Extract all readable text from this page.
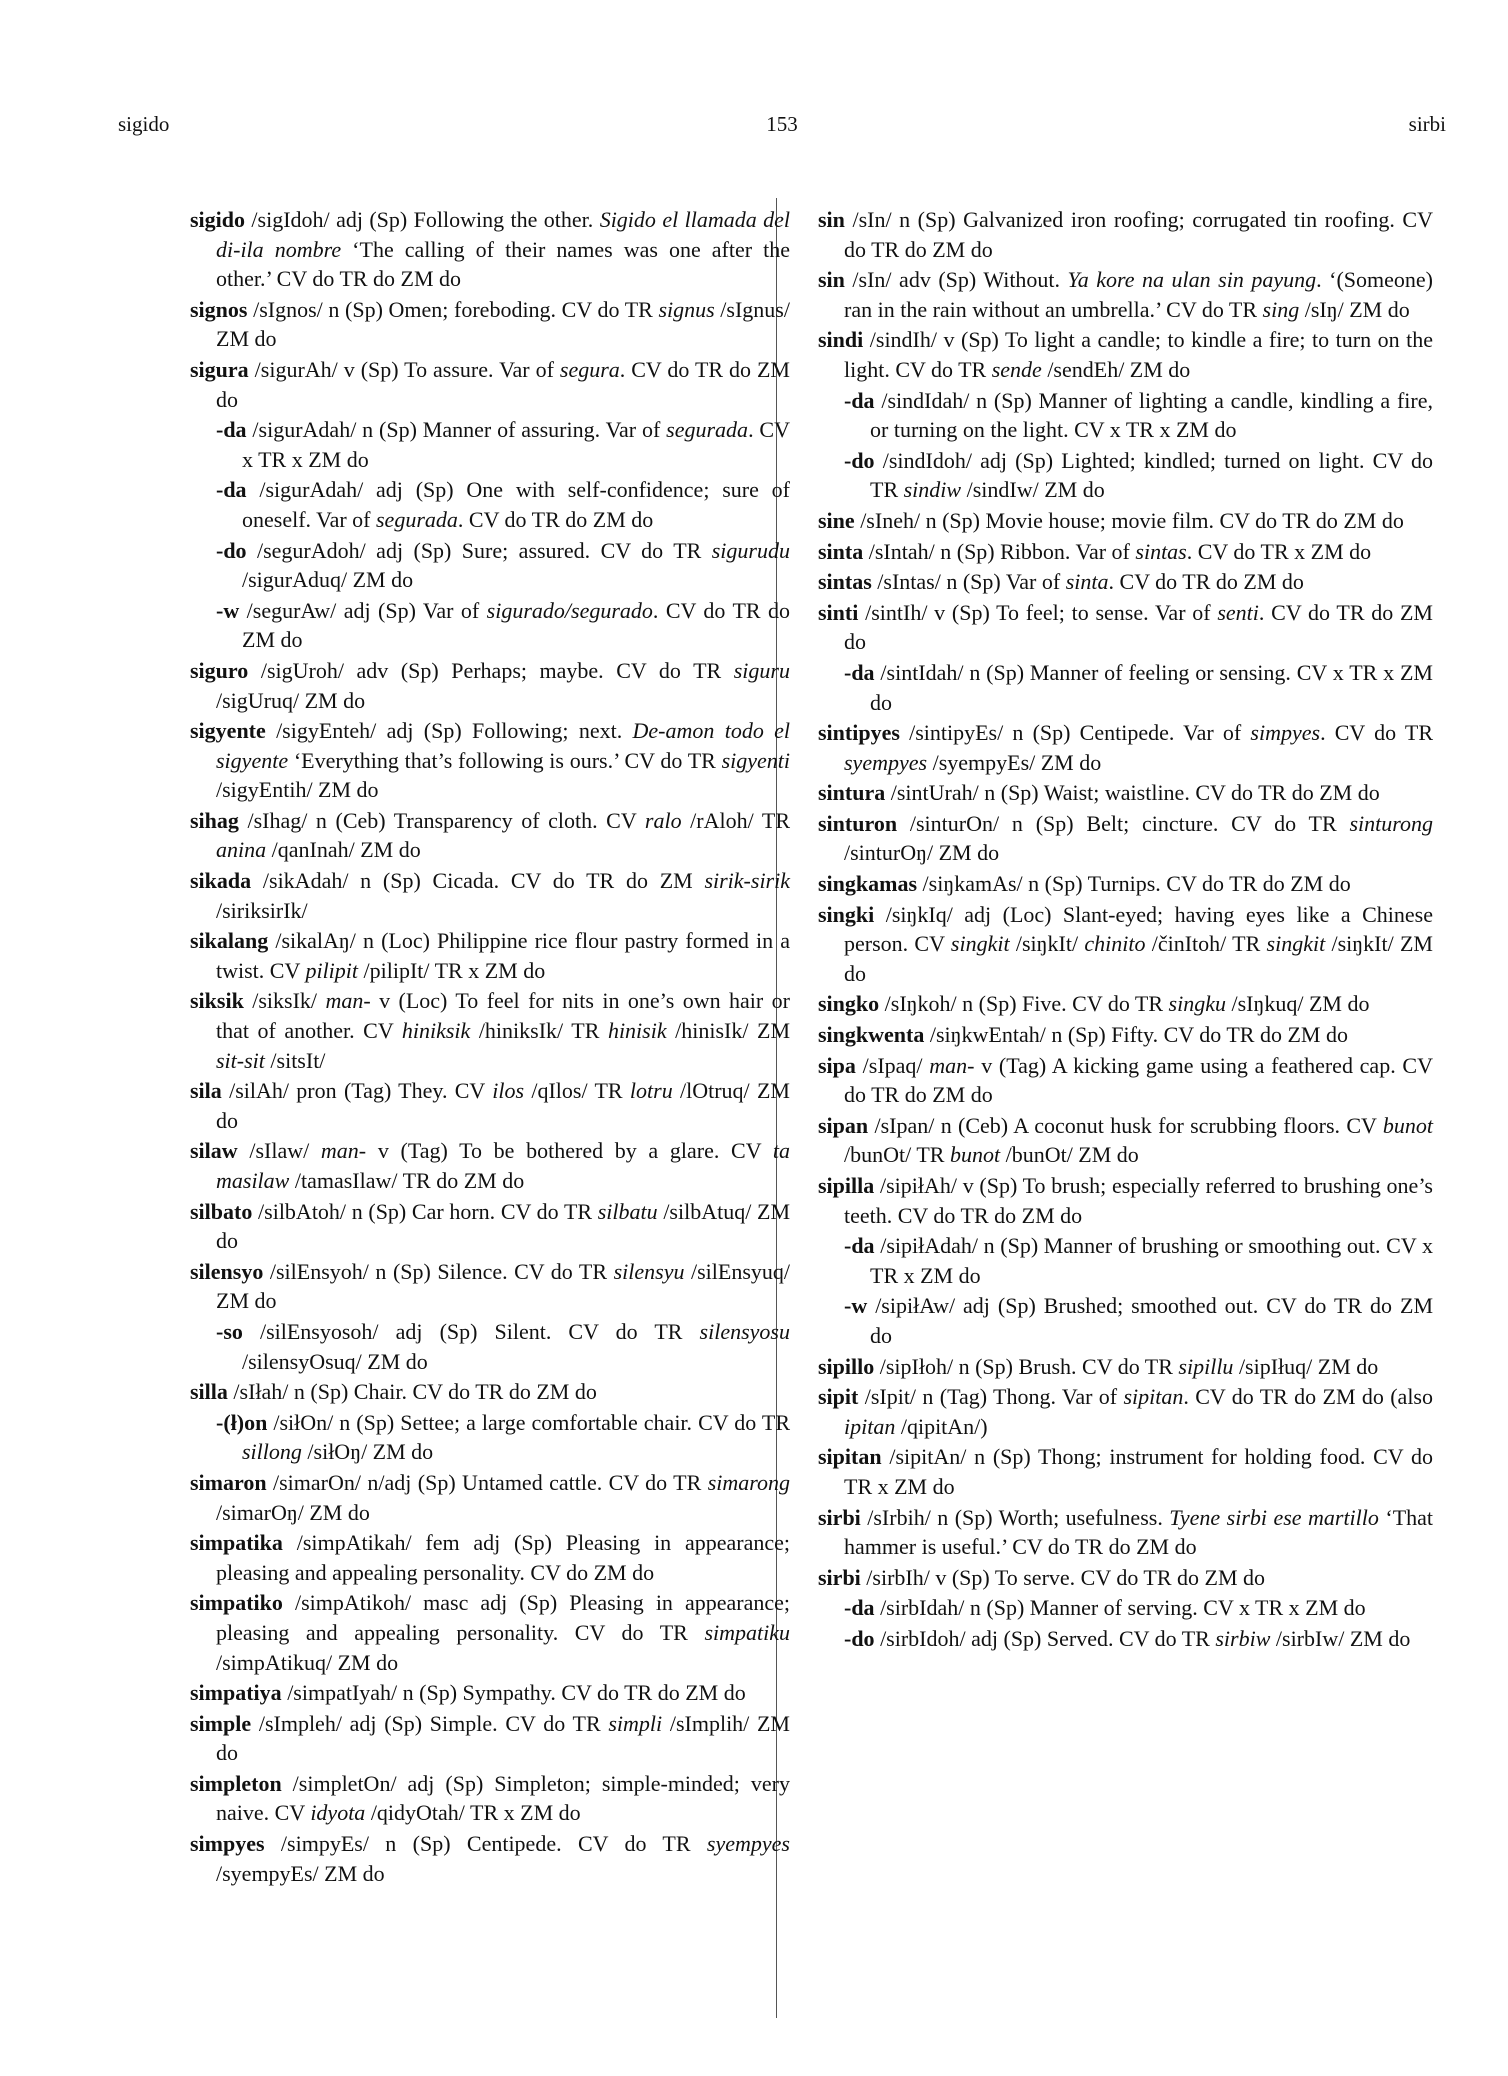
sigido	153	sirbi

sigido /sigIdoh/ adj (Sp) Following the other. Sigido el llamada del di-ila nombre ‘The calling of their names was one after the other.’ CV do TR do ZM do

signos /sIgnos/ n (Sp) Omen; foreboding. CV do TR signus /sIgnus/ ZM do

sigura /sigurAh/ v (Sp) To assure. Var of segura. CV do TR do ZM do

-da /sigurAdah/ n (Sp) Manner of assuring. Var of segurada. CV x TR x ZM do

-da /sigurAdah/ adj (Sp) One with self-confidence; sure of oneself. Var of segurada. CV do TR do ZM do

-do /segurAdoh/ adj (Sp) Sure; assured. CV do TR sigurudu /sigurAduq/ ZM do

-w /segurAw/ adj (Sp) Var of sigurado/segurado. CV do TR do ZM do

siguro /sigUroh/ adv (Sp) Perhaps; maybe. CV do TR siguru /sigUruq/ ZM do

sigyente /sigyEnteh/ adj (Sp) Following; next. De-amon todo el sigyente ‘Everything that’s following is ours.’ CV do TR sigyenti /sigyEntih/ ZM do

sihag /sIhag/ n (Ceb) Transparency of cloth. CV ralo /rAloh/ TR anina /qanInah/ ZM do

sikada /sikAdah/ n (Sp) Cicada. CV do TR do ZM sirik-sirik /siriksirIk/

sikalang /sikalAŋ/ n (Loc) Philippine rice flour pastry formed in a twist. CV pilipit /pilipIt/ TR x ZM do

siksik /siksIk/ man- v (Loc) To feel for nits in one’s own hair or that of another. CV hiniksik /hiniksIk/ TR hinisik /hinisIk/ ZM sit-sit /sitsIt/

sila /silAh/ pron (Tag) They. CV ilos /qIlos/ TR lotru /lOtruq/ ZM do

silaw /sIlaw/ man- v (Tag) To be bothered by a glare. CV ta masilaw /tamasIlaw/ TR do ZM do

silbato /silbAtoh/ n (Sp) Car horn. CV do TR silbatu /silbAtuq/ ZM do

silensyo /silEnsyoh/ n (Sp) Silence. CV do TR silensyu /silEnsyuq/ ZM do

-so /silEnsyosoh/ adj (Sp) Silent. CV do TR silensyosu /silensyOsuq/ ZM do

silla /sIłah/ n (Sp) Chair. CV do TR do ZM do

-(ł)on /siłOn/ n (Sp) Settee; a large comfortable chair. CV do TR sillong /siłOŋ/ ZM do

simaron /simarOn/ n/adj (Sp) Untamed cattle. CV do TR simarong /simarOŋ/ ZM do

simpatika /simpAtikah/ fem adj (Sp) Pleasing in appearance; pleasing and appealing personality. CV do ZM do

simpatiko /simpAtikoh/ masc adj (Sp) Pleasing in appearance; pleasing and appealing personality. CV do TR simpatiku /simpAtikuq/ ZM do

simpatiya /simpatIyah/ n (Sp) Sympathy. CV do TR do ZM do

simple /sImpleh/ adj (Sp) Simple. CV do TR simpli /sImplih/ ZM do

simpleton /simpletOn/ adj (Sp) Simpleton; simple-minded; very naive. CV idyota /qidyOtah/ TR x ZM do

simpyes /simpyEs/ n (Sp) Centipede. CV do TR syempyes /syempyEs/ ZM do

sin /sIn/ n (Sp) Galvanized iron roofing; corrugated tin roofing. CV do TR do ZM do

sin /sIn/ adv (Sp) Without. Ya kore na ulan sin payung. ‘(Someone) ran in the rain without an umbrella.’ CV do TR sing /sIŋ/ ZM do

sindi /sindIh/ v (Sp) To light a candle; to kindle a fire; to turn on the light. CV do TR sende /sendEh/ ZM do

-da /sindIdah/ n (Sp) Manner of lighting a candle, kindling a fire, or turning on the light. CV x TR x ZM do

-do /sindIdoh/ adj (Sp) Lighted; kindled; turned on light. CV do TR sindiw /sindIw/ ZM do

sine /sIneh/ n (Sp) Movie house; movie film. CV do TR do ZM do

sinta /sIntah/ n (Sp) Ribbon. Var of sintas. CV do TR x ZM do

sintas /sIntas/ n (Sp) Var of sinta. CV do TR do ZM do

sinti /sintIh/ v (Sp) To feel; to sense. Var of senti. CV do TR do ZM do

-da /sintIdah/ n (Sp) Manner of feeling or sensing. CV x TR x ZM do

sintipyes /sintipyEs/ n (Sp) Centipede. Var of simpyes. CV do TR syempyes /syempyEs/ ZM do

sintura /sintUrah/ n (Sp) Waist; waistline. CV do TR do ZM do

sinturon /sinturOn/ n (Sp) Belt; cincture. CV do TR sinturong /sinturOŋ/ ZM do

singkamas /siŋkamAs/ n (Sp) Turnips. CV do TR do ZM do

singki /siŋkIq/ adj (Loc) Slant-eyed; having eyes like a Chinese person. CV singkit /siŋkIt/ chinito /činItoh/ TR singkit /siŋkIt/ ZM do

singko /sIŋkoh/ n (Sp) Five. CV do TR singku /sIŋkuq/ ZM do

singkwenta /siŋkwEntah/ n (Sp) Fifty. CV do TR do ZM do

sipa /sIpaq/ man- v (Tag) A kicking game using a feathered cap. CV do TR do ZM do

sipan /sIpan/ n (Ceb) A coconut husk for scrubbing floors. CV bunot /bunOt/ TR bunot /bunOt/ ZM do

sipilla /sipiłAh/ v (Sp) To brush; especially referred to brushing one’s teeth. CV do TR do ZM do

-da /sipiłAdah/ n (Sp) Manner of brushing or smoothing out. CV x TR x ZM do

-w /sipiłAw/ adj (Sp) Brushed; smoothed out. CV do TR do ZM do

sipillo /sipIłoh/ n (Sp) Brush. CV do TR sipillu /sipIłuq/ ZM do

sipit /sIpit/ n (Tag) Thong. Var of sipitan. CV do TR do ZM do (also ipitan /qipitAn/)

sipitan /sipitAn/ n (Sp) Thong; instrument for holding food. CV do TR x ZM do

sirbi /sIrbih/ n (Sp) Worth; usefulness. Tyene sirbi ese martillo ‘That hammer is useful.’ CV do TR do ZM do

sirbi /sirbIh/ v (Sp) To serve. CV do TR do ZM do

-da /sirbIdah/ n (Sp) Manner of serving. CV x TR x ZM do

-do /sirbIdoh/ adj (Sp) Served. CV do TR sirbiw /sirbIw/ ZM do
